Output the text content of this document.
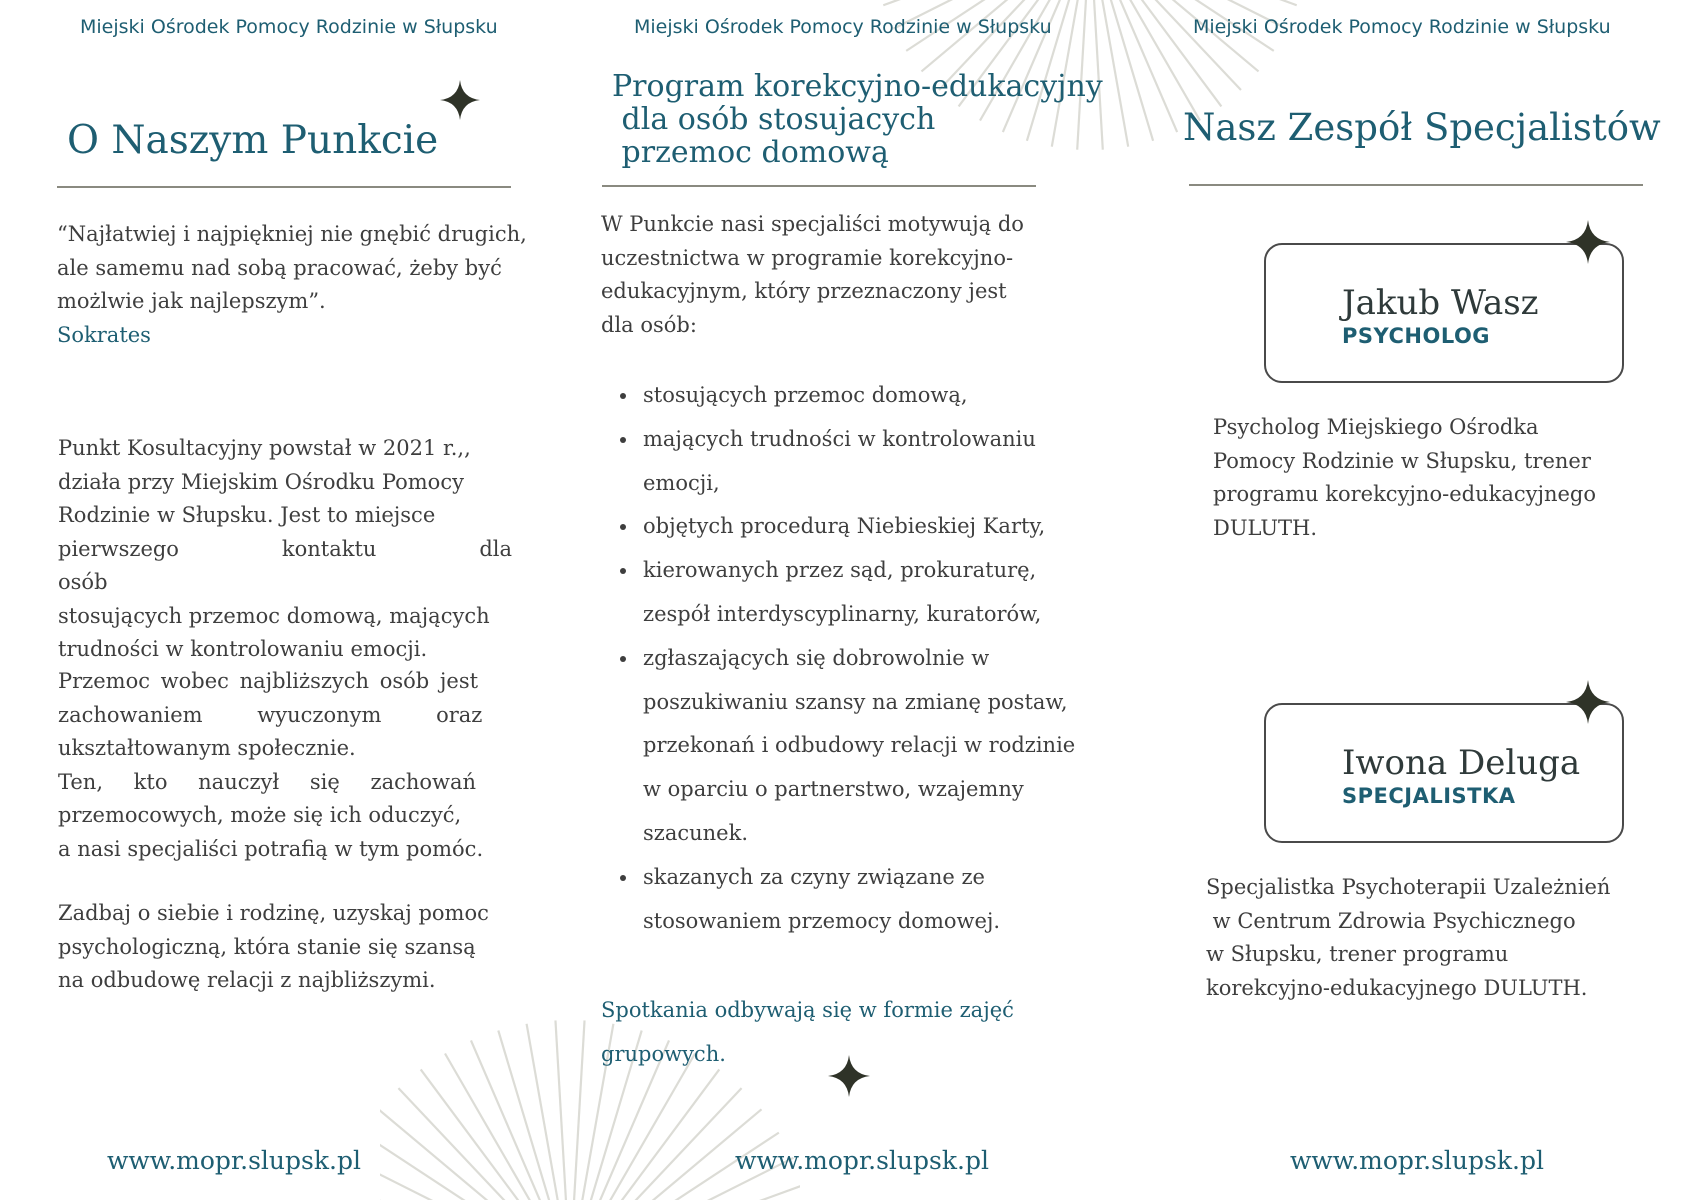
Miejski Ośrodek Pomocy Rodzinie w Słupsku	Miejski Ośrodek Pomocy Rodzinie w Słupsku	Miejski Ośrodek Pomocy Rodzinie w Słupsku
O Naszym Punkcie
“Najłatwiej i najpiękniej nie gnębić drugich,
ale samemu nad sobą pracować, żeby być
możlwie jak najlepszym”.
Sokrates
Punkt Kosultacyjny powstał w 2021 r.,,
działa przy Miejskim Ośrodku Pomocy
Rodzinie w Słupsku. Jest to miejsce
pierwszego kontaktu dla osób
stosujących przemoc domową, mających
trudności w kontrolowaniu emocji.
Przemoc wobec najbliższych osób jest
zachowaniem wyuczonym oraz
ukształtowanym społecznie.
Ten, kto nauczył się zachowań
przemocowych, może się ich oduczyć,
a nasi specjaliści potrafią w tym pomóc.
Zadbaj o siebie i rodzinę, uzyskaj pomoc
psychologiczną, która stanie się szansą
na odbudowę relacji z najbliższymi.
Program korekcyjno-edukacyjny
dla osób stosujacych
przemoc domową
W Punkcie nasi specjaliści motywują do
uczestnictwa w programie korekcyjno-
edukacyjnym, który przeznaczony jest
dla osób:
stosujących przemoc domową,
mających trudności w kontrolowaniu
emocji,
objętych procedurą Niebieskiej Karty,
kierowanych przez sąd, prokuraturę,
zespół interdyscyplinarny, kuratorów,
zgłaszających się dobrowolnie w
poszukiwaniu szansy na zmianę postaw,
przekonań i odbudowy relacji w rodzinie
w oparciu o partnerstwo, wzajemny
szacunek.
skazanych za czyny związane ze
stosowaniem przemocy domowej.
Spotkania odbywają się w formie zajęć
grupowych.
Nasz Zespół Specjalistów
Jakub Wasz
PSYCHOLOG
Psycholog Miejskiego Ośrodka
Pomocy Rodzinie w Słupsku, trener
programu korekcyjno-edukacyjnego
DULUTH.
Iwona Deluga
SPECJALISTKA
Specjalistka Psychoterapii Uzależnień
w Centrum Zdrowia Psychicznego
w Słupsku, trener programu
korekcyjno-edukacyjnego DULUTH.
www.mopr.slupsk.pl	www.mopr.slupsk.pl	www.mopr.slupsk.pl
